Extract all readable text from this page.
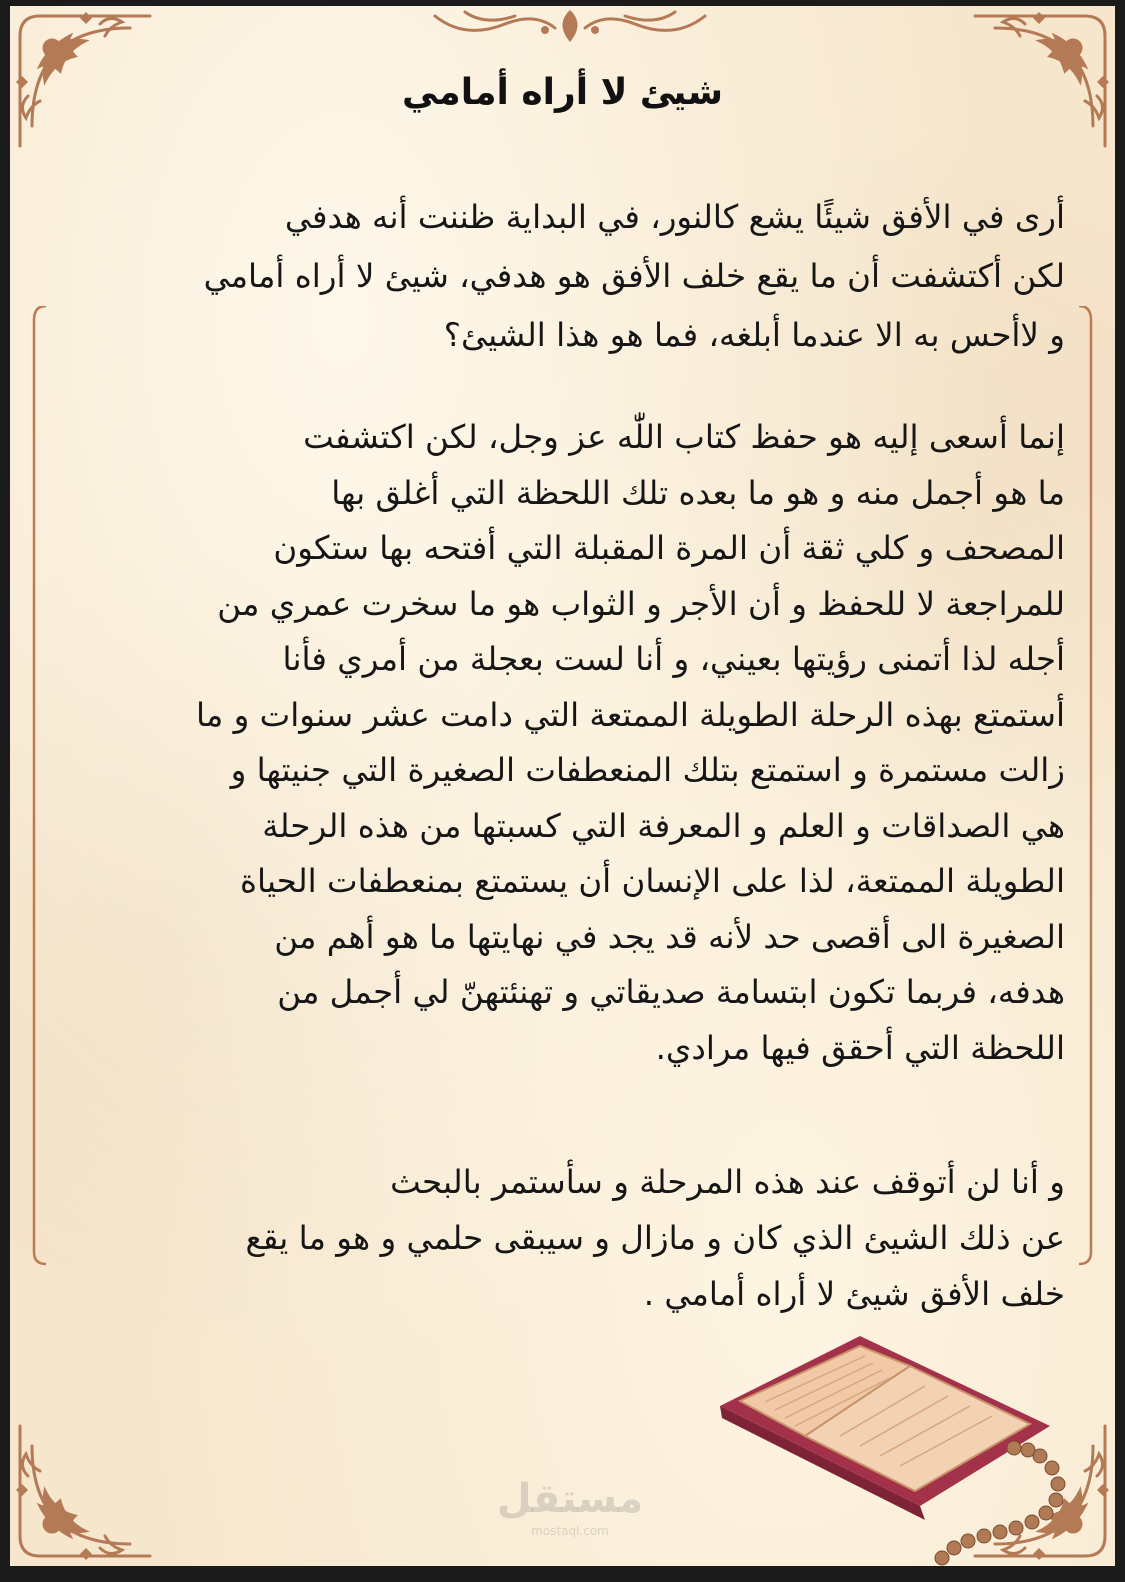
شيئ لا أراه أمامي

أرى في الأفق شيئًا يشع كالنور، في البداية ظننت أنه هدفي
لكن أكتشفت أن ما يقع خلف الأفق هو هدفي، شيئ لا أراه أمامي
و لاأحس به الا عندما أبلغه، فما هو هذا الشيئ؟

إنما أسعى إليه هو حفظ كتاب اللّٰه عز وجل، لكن اكتشفت
ما هو أجمل منه و هو ما بعده تلك اللحظة التي أغلق بها
المصحف و كلي ثقة أن المرة المقبلة التي أفتحه بها ستكون
للمراجعة لا للحفظ و أن الأجر و الثواب هو ما سخرت عمري من
أجله لذا أتمنى رؤيتها بعيني، و أنا لست بعجلة من أمري فأنا
أستمتع بهذه الرحلة الطويلة الممتعة التي دامت عشر سنوات و ما
زالت مستمرة و استمتع بتلك المنعطفات الصغيرة التي جنيتها و
هي الصداقات و العلم و المعرفة التي كسبتها من هذه الرحلة
الطويلة الممتعة، لذا على الإنسان أن يستمتع بمنعطفات الحياة
الصغيرة الى أقصى حد لأنه قد يجد في نهايتها ما هو أهم من
هدفه، فربما تكون ابتسامة صديقاتي و تهنئتهنّ لي أجمل من
اللحظة التي أحقق فيها مرادي.

و أنا لن أتوقف عند هذه المرحلة و سأستمر بالبحث
عن ذلك الشيئ الذي كان و مازال و سيبقى حلمي و هو ما يقع
خلف الأفق شيئ لا أراه أمامي .

مستقل
mostaql.com
